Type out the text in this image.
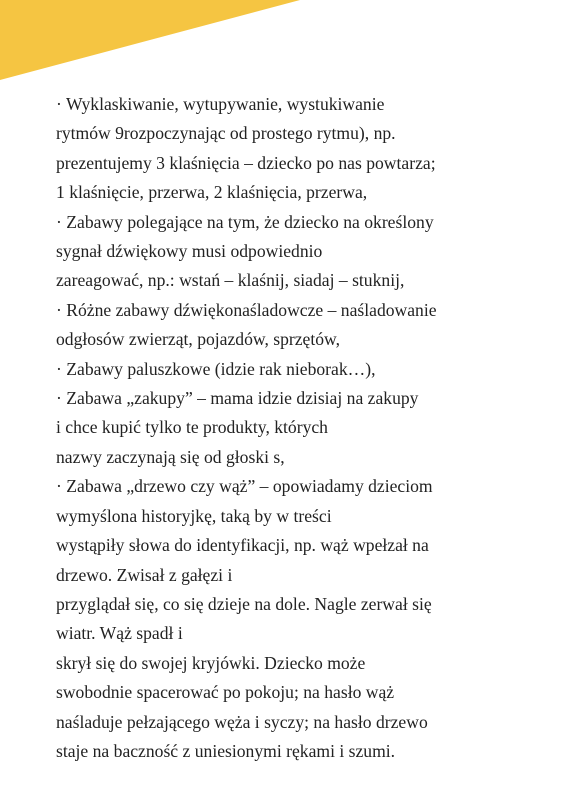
· Wyklaskiwanie, wytupywanie, wystukiwanie
rytmów 9rozpoczynając od prostego rytmu), np.
prezentujemy 3 klaśnięcia – dziecko po nas powtarza;
1 klaśnięcie, przerwa, 2 klaśnięcia, przerwa,
· Zabawy polegające na tym, że dziecko na określony
sygnał dźwiękowy musi odpowiednio
zareagować, np.: wstań – klaśnij, siadaj – stuknij,
· Różne zabawy dźwiękonaśladowcze – naśladowanie
odgłosów zwierząt, pojazdów, sprzętów,
· Zabawy paluszkowe (idzie rak nieborak…),
· Zabawa „zakupy” – mama idzie dzisiaj na zakupy
i chce kupić tylko te produkty, których
nazwy zaczynają się od głoski s,
· Zabawa „drzewo czy wąż” – opowiadamy dzieciom
wymyślona historyjkę, taką by w treści
wystąpiły słowa do identyfikacji, np. wąż wpełzał na
drzewo. Zwisał z gałęzi i
przyglądał się, co się dzieje na dole. Nagle zerwał się
wiatr. Wąż spadł i
skrył się do swojej kryjówki. Dziecko może
swobodnie spacerować po pokoju; na hasło wąż
naśladuje pełzającego węża i syczy; na hasło drzewo
staje na baczność z uniesionymi rękami i szumi.
